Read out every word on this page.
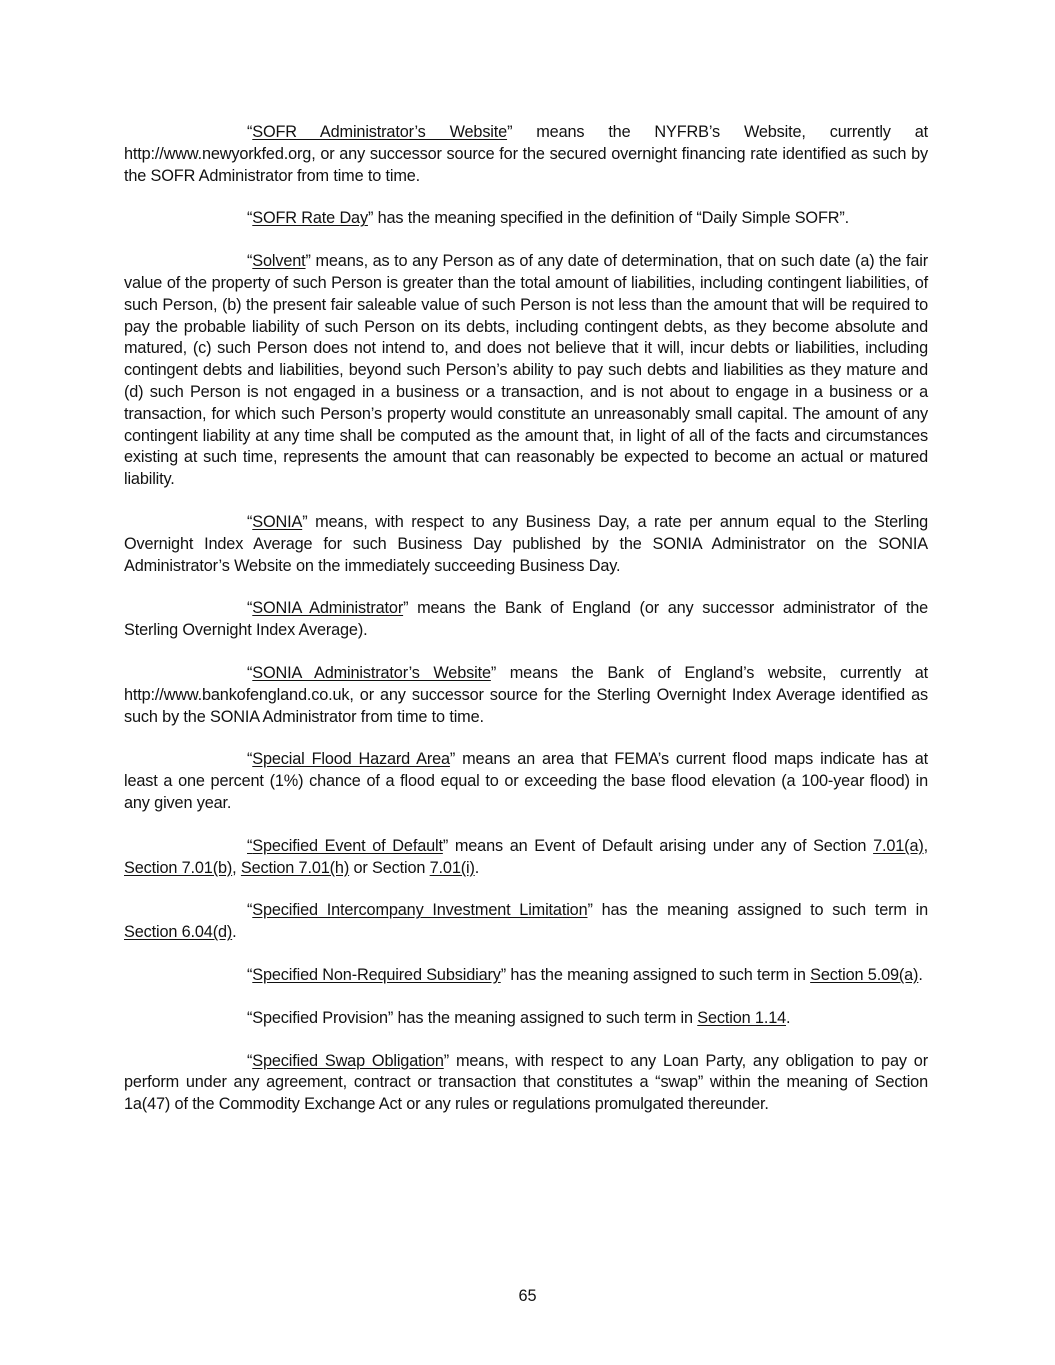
“SOFR Administrator’s Website” means the NYFRB’s Website, currently at http://www.newyorkfed.org, or any successor source for the secured overnight financing rate identified as such by the SOFR Administrator from time to time.

“SOFR Rate Day” has the meaning specified in the definition of “Daily Simple SOFR”.

“Solvent” means, as to any Person as of any date of determination, that on such date (a) the fair value of the property of such Person is greater than the total amount of liabilities, including contingent liabilities, of such Person, (b) the present fair saleable value of such Person is not less than the amount that will be required to pay the probable liability of such Person on its debts, including contingent debts, as they become absolute and matured, (c) such Person does not intend to, and does not believe that it will, incur debts or liabilities, including contingent debts and liabilities, beyond such Person’s ability to pay such debts and liabilities as they mature and (d) such Person is not engaged in a business or a transaction, and is not about to engage in a business or a transaction, for which such Person’s property would constitute an unreasonably small capital. The amount of any contingent liability at any time shall be computed as the amount that, in light of all of the facts and circumstances existing at such time, represents the amount that can reasonably be expected to become an actual or matured liability.

“SONIA” means, with respect to any Business Day, a rate per annum equal to the Sterling Overnight Index Average for such Business Day published by the SONIA Administrator on the SONIA Administrator’s Website on the immediately succeeding Business Day.

“SONIA Administrator” means the Bank of England (or any successor administrator of the Sterling Overnight Index Average).

“SONIA Administrator’s Website” means the Bank of England’s website, currently at http://www.bankofengland.co.uk, or any successor source for the Sterling Overnight Index Average identified as such by the SONIA Administrator from time to time.

“Special Flood Hazard Area” means an area that FEMA’s current flood maps indicate has at least a one percent (1%) chance of a flood equal to or exceeding the base flood elevation (a 100-year flood) in any given year.

“Specified Event of Default” means an Event of Default arising under any of Section 7.01(a), Section 7.01(b), Section 7.01(h) or Section 7.01(i).

“Specified Intercompany Investment Limitation” has the meaning assigned to such term in Section 6.04(d).

“Specified Non-Required Subsidiary” has the meaning assigned to such term in Section 5.09(a).

“Specified Provision” has the meaning assigned to such term in Section 1.14.

“Specified Swap Obligation” means, with respect to any Loan Party, any obligation to pay or perform under any agreement, contract or transaction that constitutes a “swap” within the meaning of Section 1a(47) of the Commodity Exchange Act or any rules or regulations promulgated thereunder.

65
